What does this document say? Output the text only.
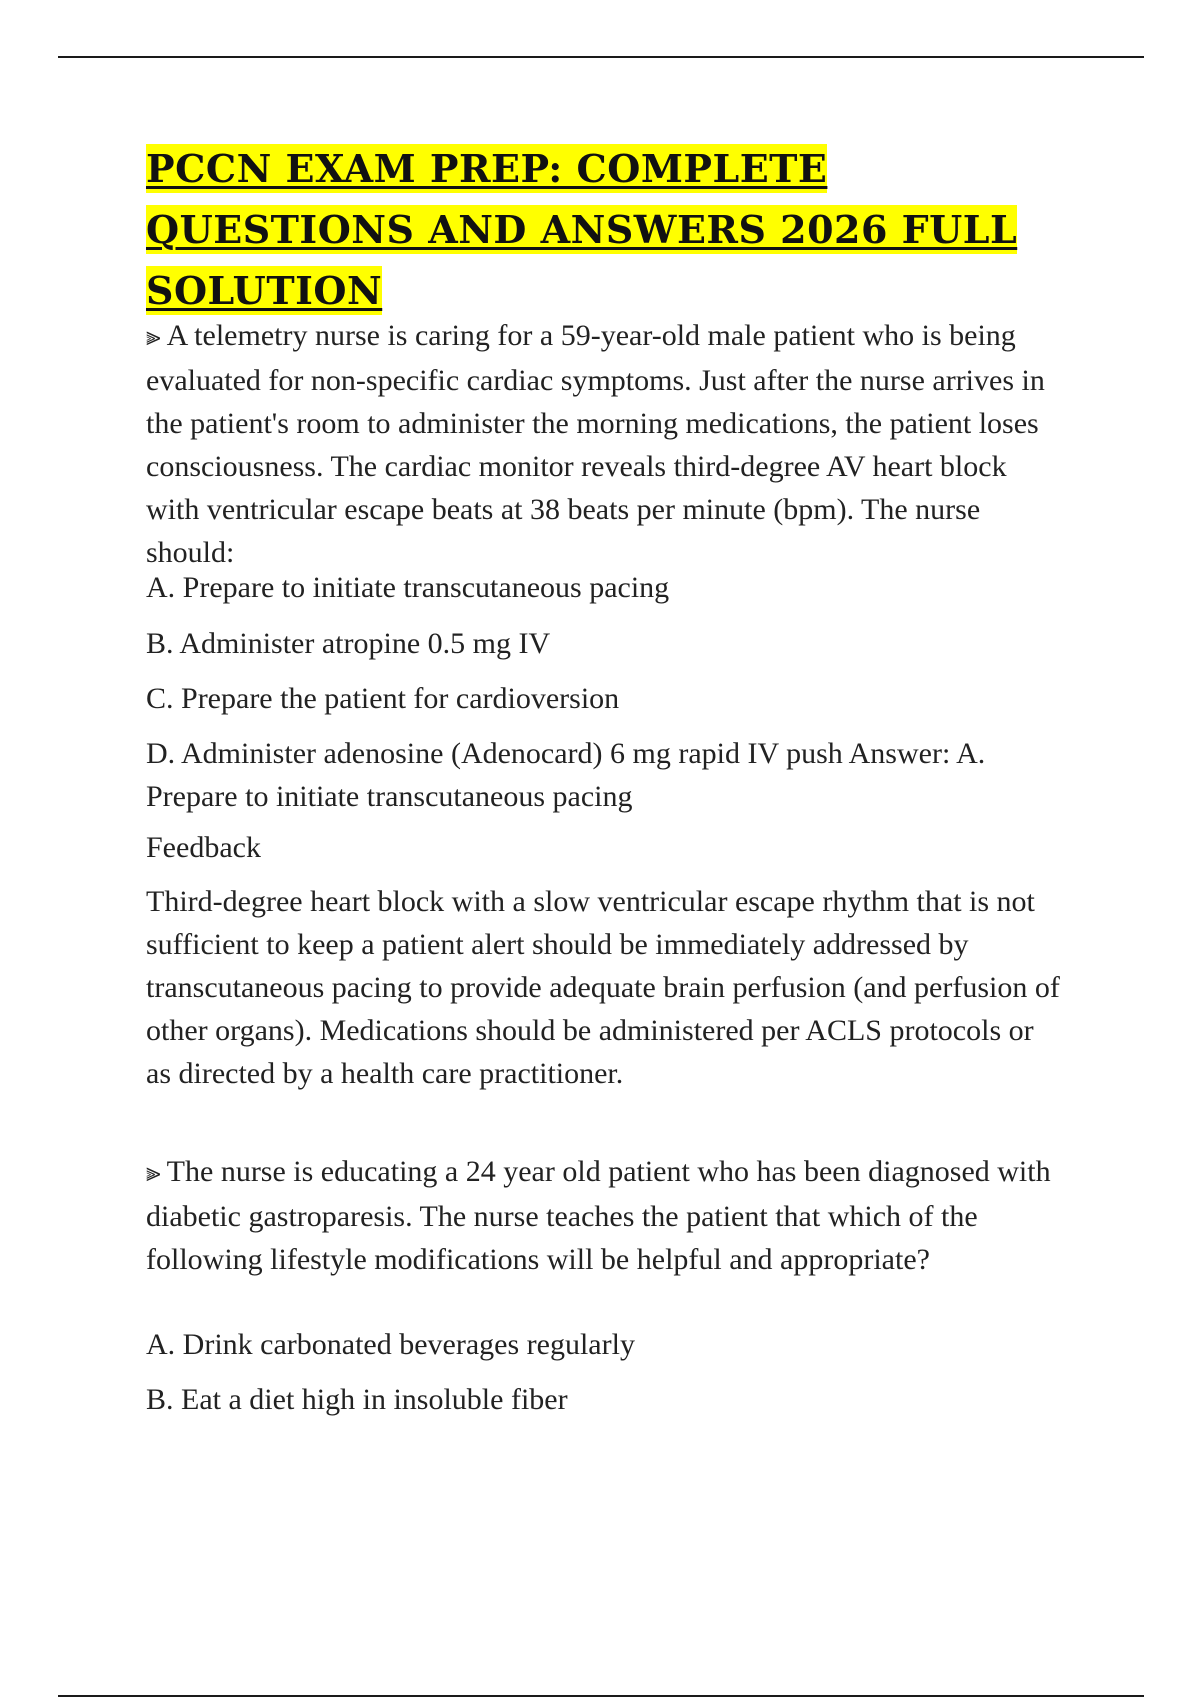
PCCN EXAM PREP: COMPLETE QUESTIONS AND ANSWERS 2026 FULL SOLUTION

⫸ A telemetry nurse is caring for a 59-year-old male patient who is being evaluated for non-specific cardiac symptoms. Just after the nurse arrives in the patient's room to administer the morning medications, the patient loses consciousness. The cardiac monitor reveals third-degree AV heart block with ventricular escape beats at 38 beats per minute (bpm). The nurse should:

A. Prepare to initiate transcutaneous pacing

B. Administer atropine 0.5 mg IV

C. Prepare the patient for cardioversion

D. Administer adenosine (Adenocard) 6 mg rapid IV push Answer: A. Prepare to initiate transcutaneous pacing

Feedback

Third-degree heart block with a slow ventricular escape rhythm that is not sufficient to keep a patient alert should be immediately addressed by transcutaneous pacing to provide adequate brain perfusion (and perfusion of other organs). Medications should be administered per ACLS protocols or as directed by a health care practitioner.

⫸ The nurse is educating a 24 year old patient who has been diagnosed with diabetic gastroparesis. The nurse teaches the patient that which of the following lifestyle modifications will be helpful and appropriate?

A. Drink carbonated beverages regularly

B. Eat a diet high in insoluble fiber
